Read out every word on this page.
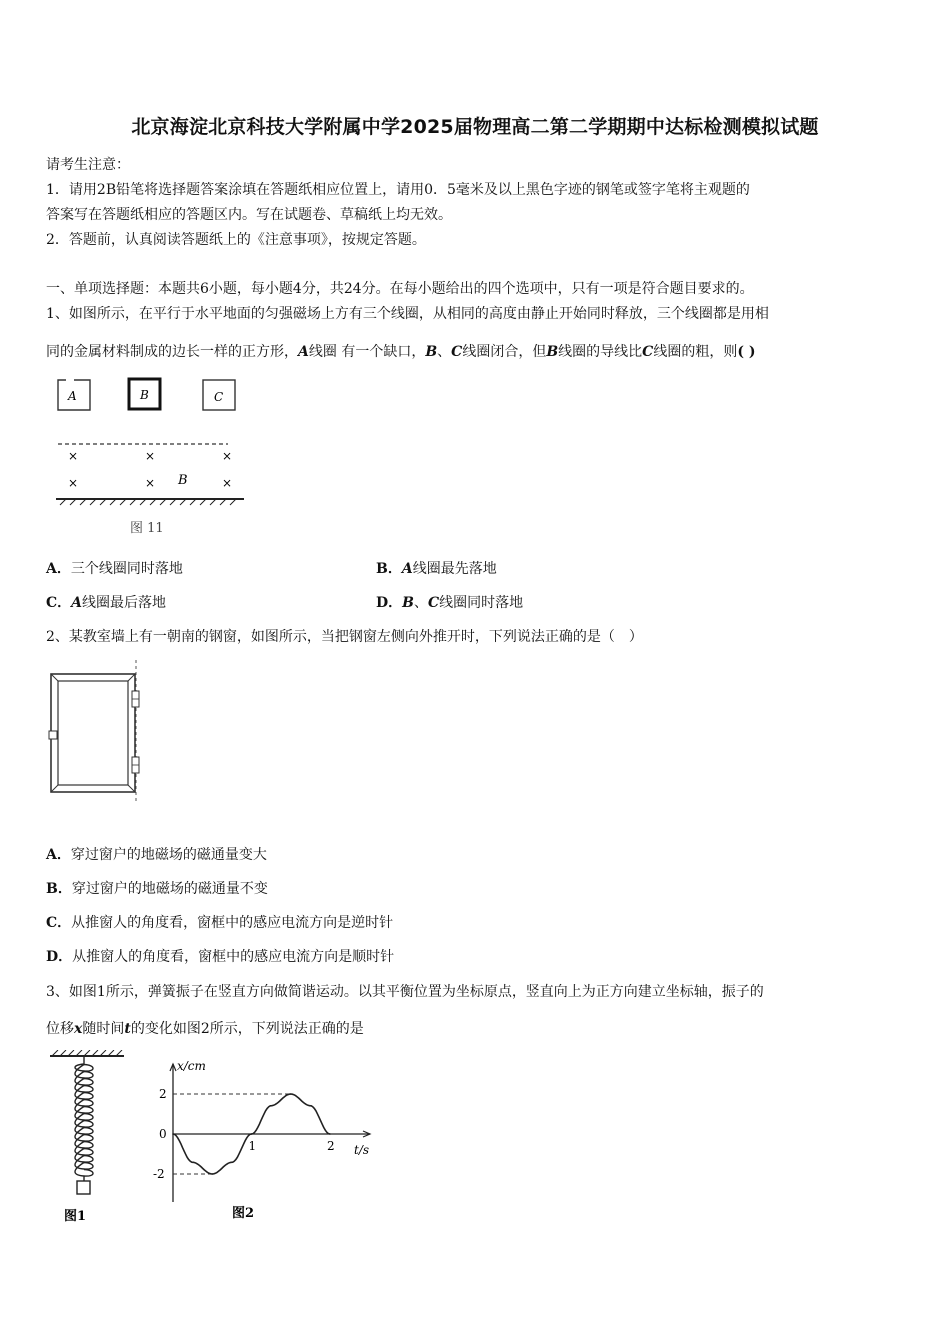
北京海淀北京科技大学附属中学2025届物理高二第二学期期中达标检测模拟试题
请考生注意：
1．请用2B铅笔将选择题答案涂填在答题纸相应位置上，请用0．5毫米及以上黑色字迹的钢笔或签字笔将主观题的
答案写在答题纸相应的答题区内。写在试题卷、草稿纸上均无效。
2．答题前，认真阅读答题纸上的《注意事项》，按规定答题。
一、单项选择题：本题共6小题，每小题4分，共24分。在每小题给出的四个选项中，只有一项是符合题目要求的。
1、如图所示，在平行于水平地面的匀强磁场上方有三个线圈，从相同的高度由静止开始同时释放，三个线圈都是用相
同的金属材料制成的边长一样的正方形，A线圈 有一个缺口，B、C线圈闭合，但B线圈的导线比C线圈的粗，则( )
A	B	C
×	×	×
×	×	×
B
图 11
A．三个线圈同时落地	B．A线圈最先落地
C．A线圈最后落地	D．B、C线圈同时落地
2、某教室墙上有一朝南的钢窗，如图所示，当把钢窗左侧向外推开时，下列说法正确的是（　）
A．穿过窗户的地磁场的磁通量变大
B．穿过窗户的地磁场的磁通量不变
C．从推窗人的角度看，窗框中的感应电流方向是逆时针
D．从推窗人的角度看，窗框中的感应电流方向是顺时针
3、如图1所示，弹簧振子在竖直方向做简谐运动。以其平衡位置为坐标原点，竖直向上为正方向建立坐标轴，振子的
位移x随时间t的变化如图2所示，下列说法正确的是
图1
x/cm
t/s
2
0
-2
1	2
图2
